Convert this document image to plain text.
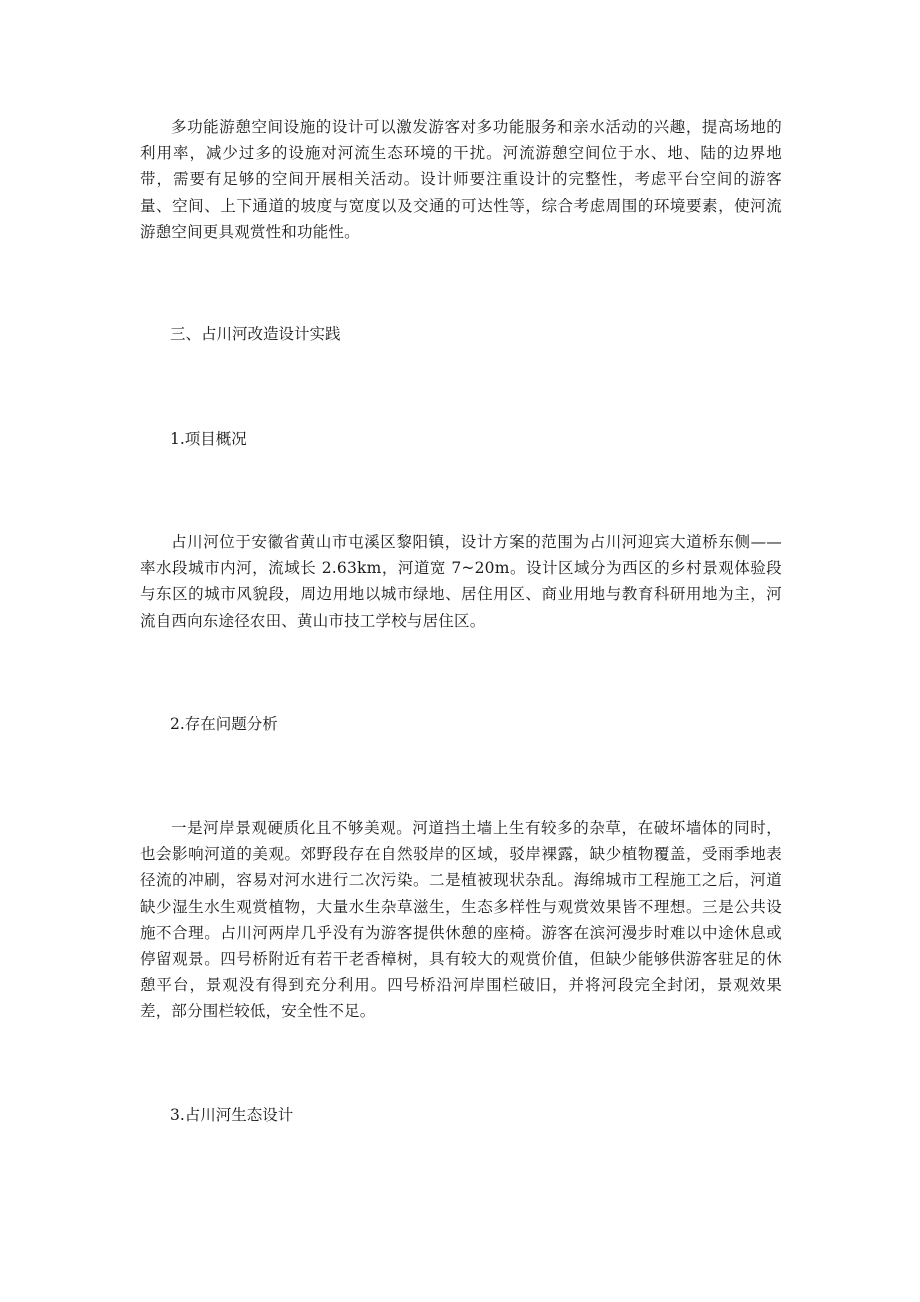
多功能游憩空间设施的设计可以激发游客对多功能服务和亲水活动的兴趣，提高场地的利用率，减少过多的设施对河流生态环境的干扰。河流游憩空间位于水、地、陆的边界地带，需要有足够的空间开展相关活动。设计师要注重设计的完整性，考虑平台空间的游客量、空间、上下通道的坡度与宽度以及交通的可达性等，综合考虑周围的环境要素，使河流游憩空间更具观赏性和功能性。

三、占川河改造设计实践
1.项目概况

占川河位于安徽省黄山市屯溪区黎阳镇，设计方案的范围为占川河迎宾大道桥东侧——率水段城市内河，流域长 2.63km，河道宽 7~20m。设计区域分为西区的乡村景观体验段与东区的城市风貌段，周边用地以城市绿地、居住用区、商业用地与教育科研用地为主，河流自西向东途径农田、黄山市技工学校与居住区。

2.存在问题分析

一是河岸景观硬质化且不够美观。河道挡土墙上生有较多的杂草，在破坏墙体的同时，也会影响河道的美观。郊野段存在自然驳岸的区域，驳岸裸露，缺少植物覆盖，受雨季地表径流的冲刷，容易对河水进行二次污染。二是植被现状杂乱。海绵城市工程施工之后，河道缺少湿生水生观赏植物，大量水生杂草滋生，生态多样性与观赏效果皆不理想。三是公共设施不合理。占川河两岸几乎没有为游客提供休憩的座椅。游客在滨河漫步时难以中途休息或停留观景。四号桥附近有若干老香樟树，具有较大的观赏价值，但缺少能够供游客驻足的休憩平台，景观没有得到充分利用。四号桥沿河岸围栏破旧，并将河段完全封闭，景观效果差，部分围栏较低，安全性不足。

3.占川河生态设计
